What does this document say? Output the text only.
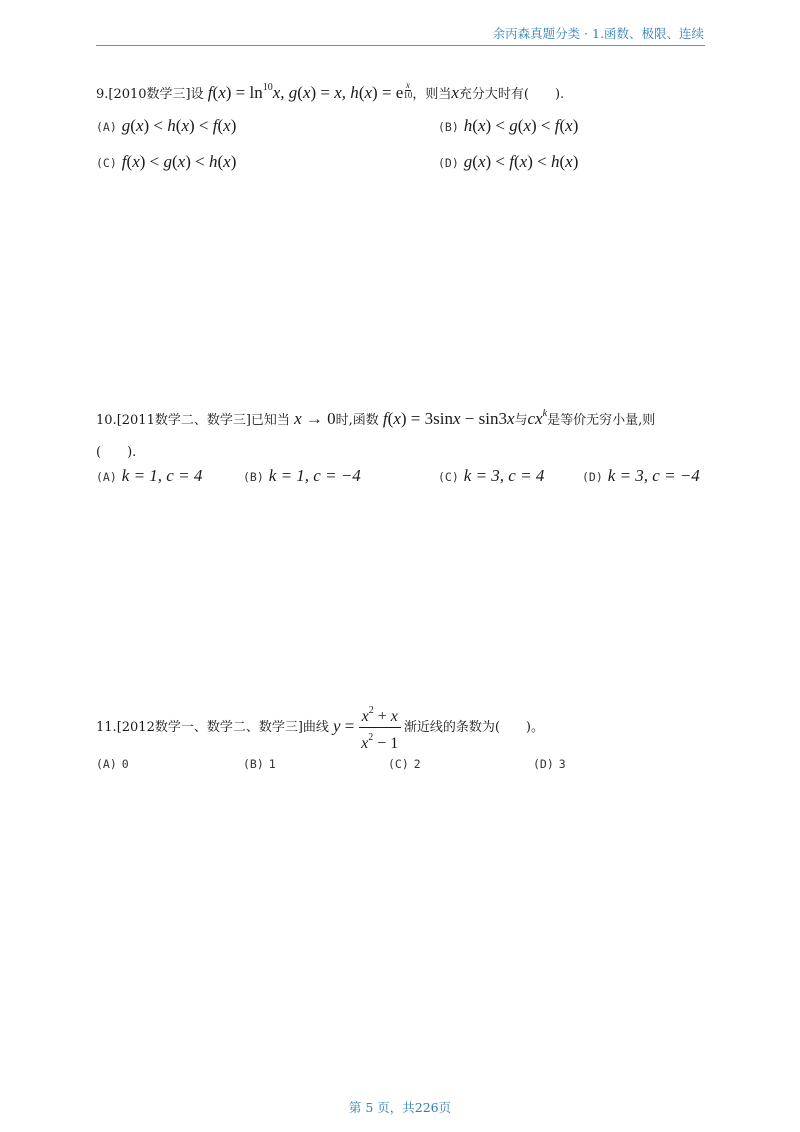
余丙森真题分类 · 1.函数、极限、连续
9.[2010数学三]设 $f(x) = \ln^{10}x$, g(x) = x, h(x) = e $\frac{x}{10}$ ，则当x充分大时有(　　).
(A) g(x) < h(x) < f(x)	(B) h(x) < g(x) < f(x)
(C) f(x) < g(x) < h(x)	(D) g(x) < f(x) < h(x)
10.[2011数学二、数学三]已知当 x → 0时,函数 f(x) = 3sinx − sin3x与$cx^k$是等价无穷小量,则
(　　).
(A) k = 1, c = 4	(B) k = 1, c = −4	(C) k = 3, c = 4	(D) k = 3, c = −4
11. [2012数学一、数学二、数学三] 曲线 $y = \frac{x^2 + x}{x^2 - 1}$ 渐近线的条数为(　　)。
(A) 0	(B) 1	(C) 2	(D) 3
第 5 页，共226页
